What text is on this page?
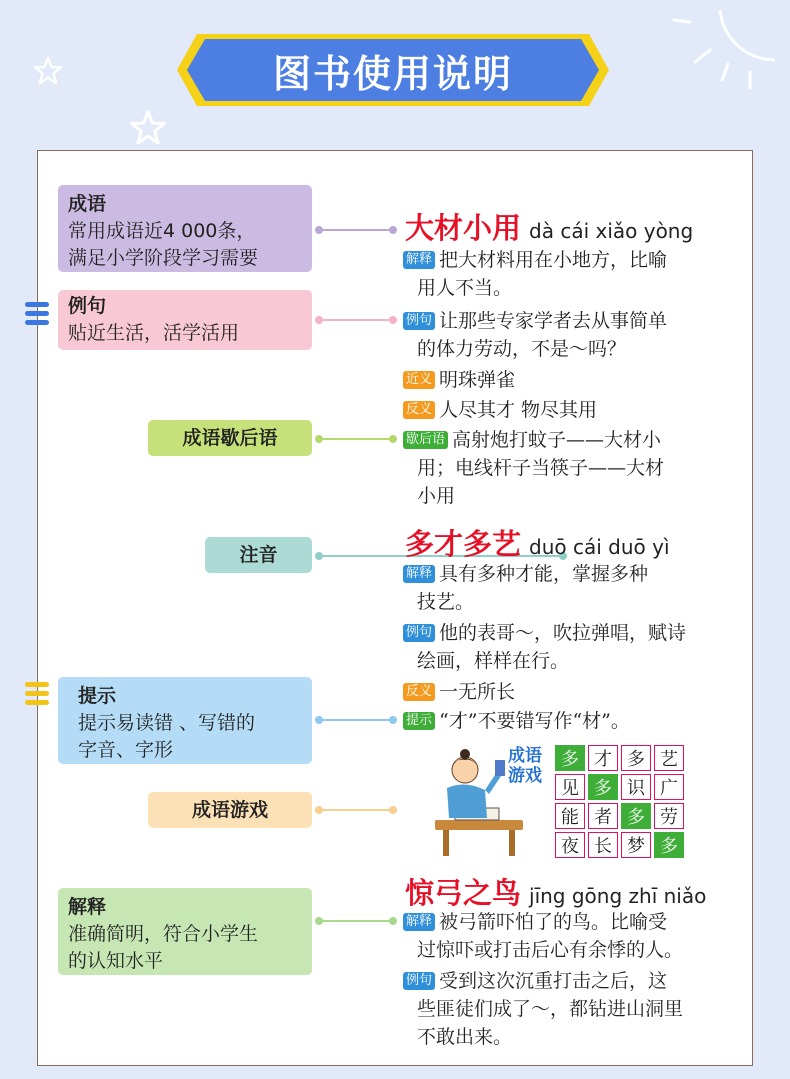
图书使用说明
成语
常用成语近4 000条，
满足小学阶段学习需要
例句
贴近生活，活学活用
成语歇后语
注音
提示
提示易读错 、写错的
字音、字形
成语游戏
解释
准确简明，符合小学生
的认知水平
大材小用 dà cái xiǎo yòng
解释 把大材料用在小地方，比喻
用人不当。
例句 让那些专家学者去从事简单
的体力劳动，不是～吗？
近义 明珠弹雀
反义 人尽其才 物尽其用
歇后语 高射炮打蚊子——大材小
用；电线杆子当筷子——大材
小用
多才多艺 duō cái duō yì
解释 具有多种才能，掌握多种
技艺。
例句 他的表哥～，吹拉弹唱，赋诗
绘画，样样在行。
反义 一无所长
提示 “才”不要错写作“材”。
成语
游戏
多 才 多 艺
见 多 识 广
能 者 多 劳
夜 长 梦 多
惊弓之鸟 jīng gōng zhī niǎo
解释 被弓箭吓怕了的鸟。比喻受
过惊吓或打击后心有余悸的人。
例句 受到这次沉重打击之后，这
些匪徒们成了～，都钻进山洞里
不敢出来。
